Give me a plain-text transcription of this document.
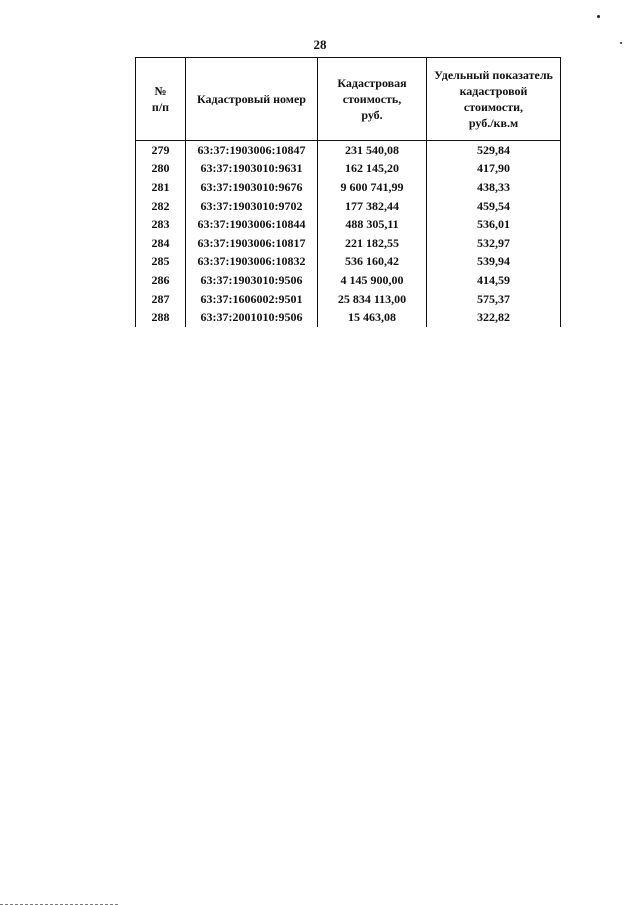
28
№
п/п	Кадастровый номер	Кадастровая
стоимость,
руб.	Удельный показатель
кадастровой
стоимости,
руб./кв.м
279	63:37:1903006:10847	231 540,08	529,84
280	63:37:1903010:9631	162 145,20	417,90
281	63:37:1903010:9676	9 600 741,99	438,33
282	63:37:1903010:9702	177 382,44	459,54
283	63:37:1903006:10844	488 305,11	536,01
284	63:37:1903006:10817	221 182,55	532,97
285	63:37:1903006:10832	536 160,42	539,94
286	63:37:1903010:9506	4 145 900,00	414,59
287	63:37:1606002:9501	25 834 113,00	575,37
288	63:37:2001010:9506	15 463,08	322,82
